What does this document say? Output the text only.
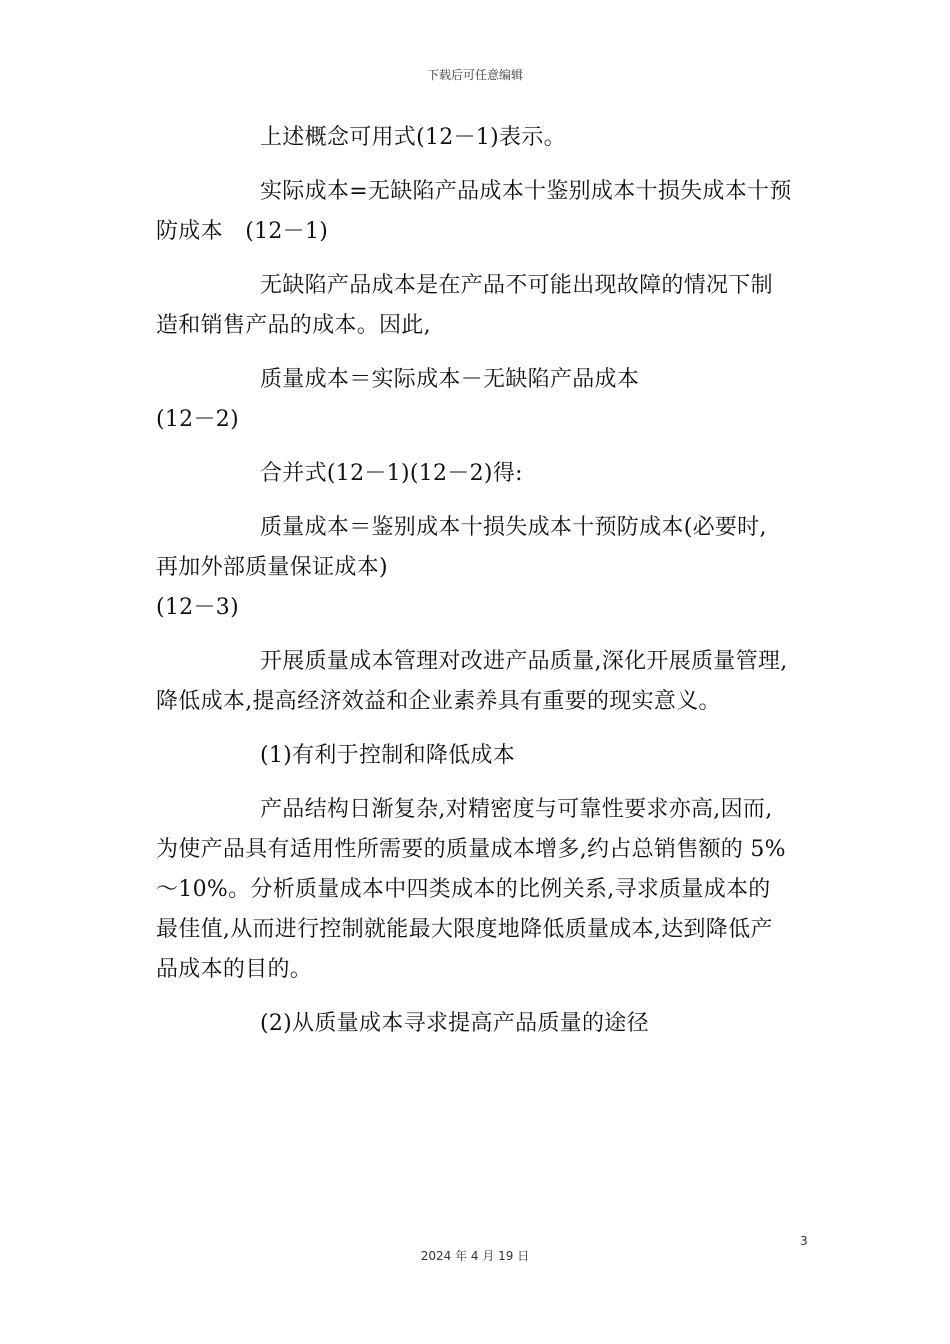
下载后可任意编辑

上述概念可用式(12－1)表示。

实际成本=无缺陷产品成本十鉴别成本十损失成本十预
防成本　(12－1)

无缺陷产品成本是在产品不可能出现故障的情况下制
造和销售产品的成本。因此,

质量成本＝实际成本－无缺陷产品成本
(12－2)

合并式(12－1)(12－2)得:

质量成本＝鉴别成本十损失成本十预防成本(必要时,
再加外部质量保证成本)
(12－3)

开展质量成本管理对改进产品质量,深化开展质量管理,
降低成本,提高经济效益和企业素养具有重要的现实意义。

(1)有利于控制和降低成本

产品结构日渐复杂,对精密度与可靠性要求亦高,因而,
为使产品具有适用性所需要的质量成本增多,约占总销售额的 5%
～10%。分析质量成本中四类成本的比例关系,寻求质量成本的
最佳值,从而进行控制就能最大限度地降低质量成本,达到降低产
品成本的目的。

(2)从质量成本寻求提高产品质量的途径

3
2024 年 4 月 19 日
